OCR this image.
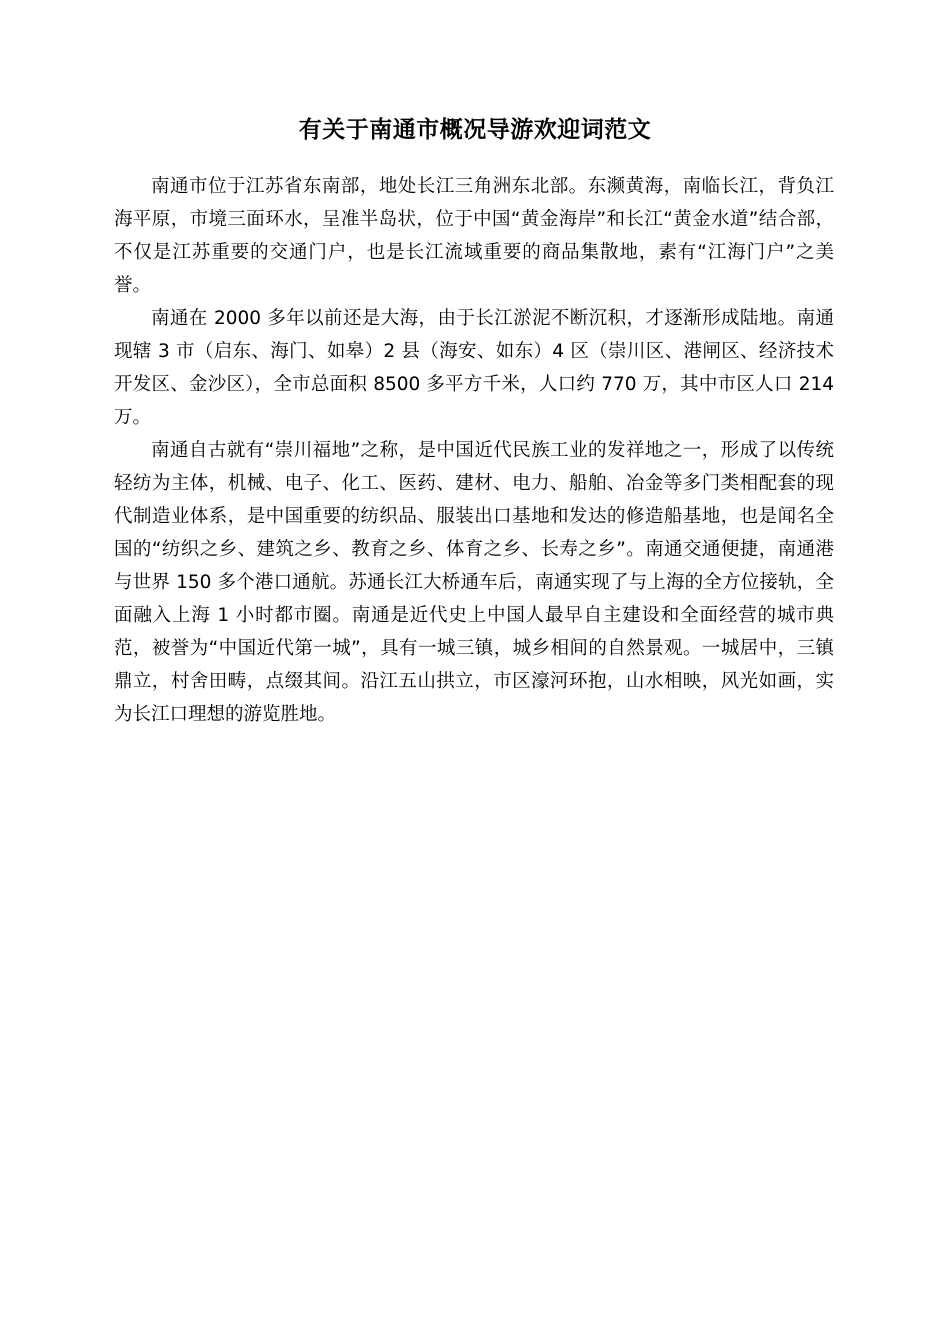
有关于南通市概况导游欢迎词范文

南通市位于江苏省东南部，地处长江三角洲东北部。东濒黄海，南临长江，背负江海平原，市境三面环水，呈准半岛状，位于中国“黄金海岸”和长江“黄金水道”结合部，不仅是江苏重要的交通门户，也是长江流域重要的商品集散地，素有“江海门户”之美誉。

南通在 2000 多年以前还是大海，由于长江淤泥不断沉积，才逐渐形成陆地。南通现辖 3 市（启东、海门、如皋）2 县（海安、如东）4 区（崇川区、港闸区、经济技术开发区、金沙区），全市总面积 8500 多平方千米，人口约 770 万，其中市区人口 214 万。

南通自古就有“崇川福地”之称，是中国近代民族工业的发祥地之一，形成了以传统轻纺为主体，机械、电子、化工、医药、建材、电力、船舶、冶金等多门类相配套的现代制造业体系，是中国重要的纺织品、服装出口基地和发达的修造船基地，也是闻名全国的“纺织之乡、建筑之乡、教育之乡、体育之乡、长寿之乡”。南通交通便捷，南通港与世界 150 多个港口通航。苏通长江大桥通车后，南通实现了与上海的全方位接轨，全面融入上海 1 小时都市圈。南通是近代史上中国人最早自主建设和全面经营的城市典范，被誉为“中国近代第一城”，具有一城三镇，城乡相间的自然景观。一城居中，三镇鼎立，村舍田畴，点缀其间。沿江五山拱立，市区濠河环抱，山水相映，风光如画，实为长江口理想的游览胜地。
